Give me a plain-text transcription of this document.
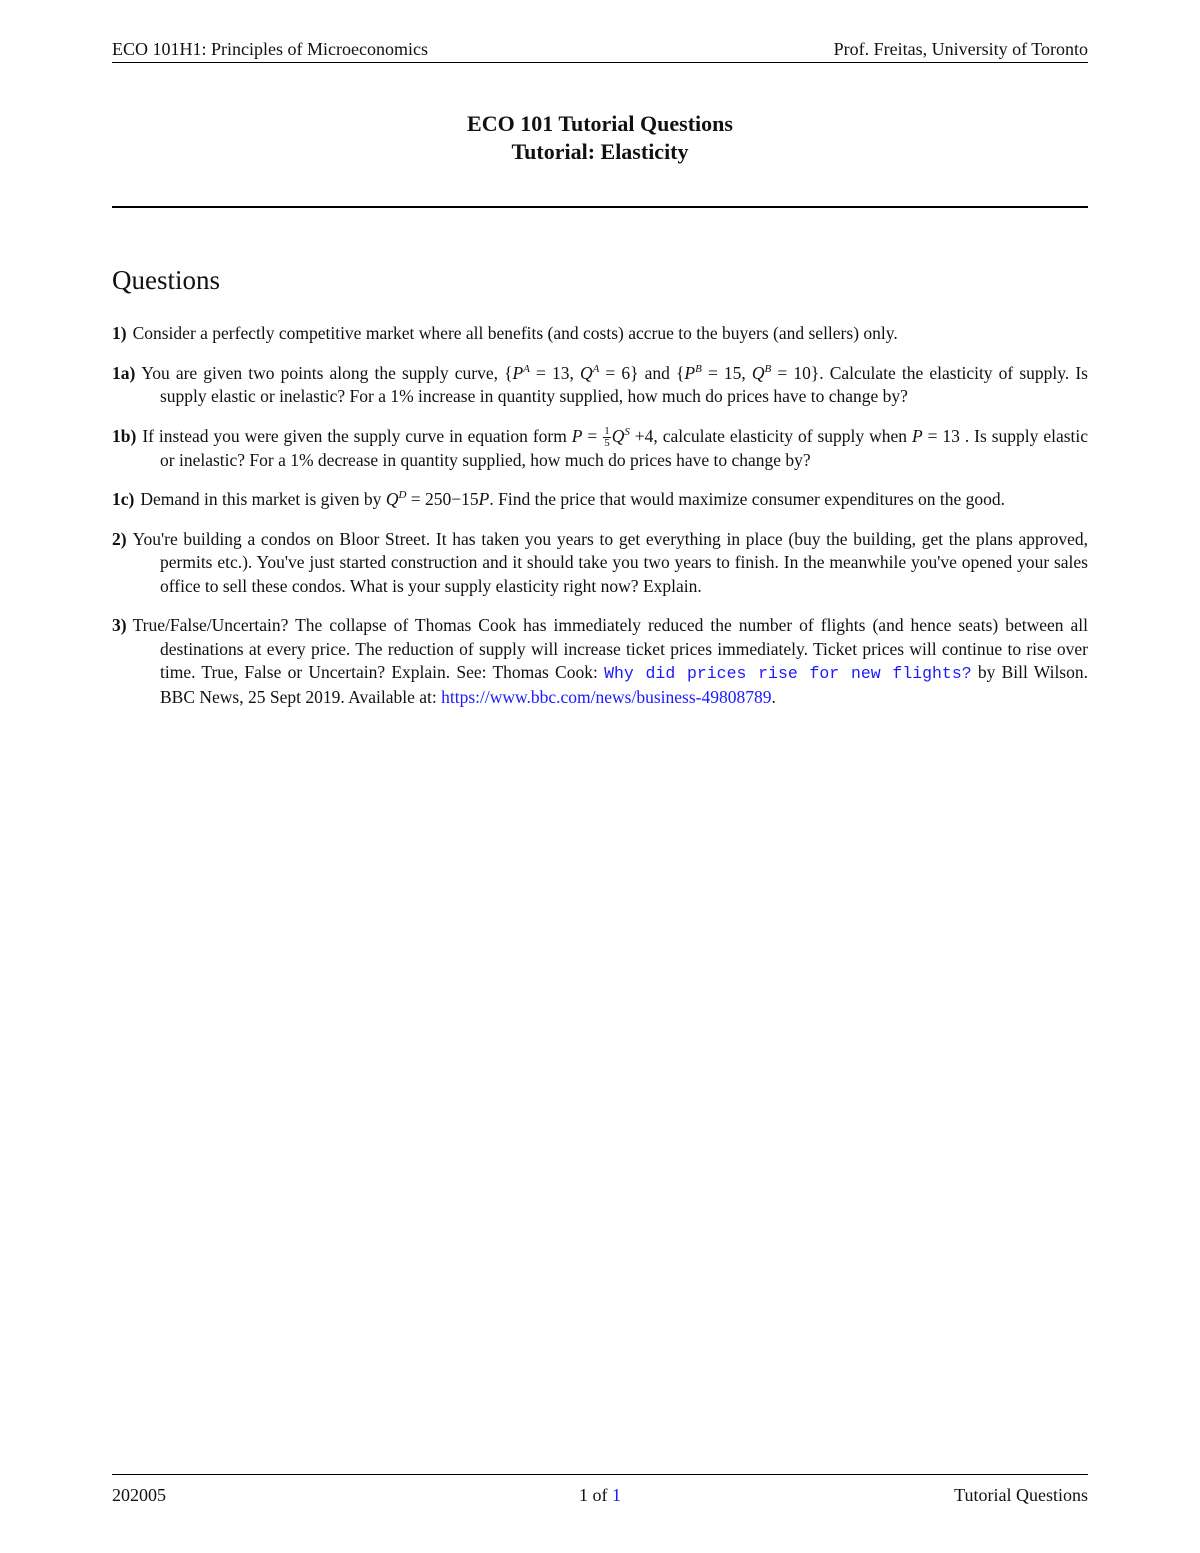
ECO 101H1: Principles of Microeconomics	Prof. Freitas, University of Toronto
ECO 101 Tutorial Questions
Tutorial: Elasticity
Questions

1) Consider a perfectly competitive market where all benefits (and costs) accrue to the buyers (and sellers) only.

1a) You are given two points along the supply curve, {$P^A = 13$, $Q^A = 6$} and {$P^B = 15$, $Q^B = 10$}. Calculate the elasticity of supply. Is supply elastic or inelastic? For a 1% increase in quantity supplied, how much do prices have to change by?

1b) If instead you were given the supply curve in equation form $P = \frac{1}{5} Q^S +4$, calculate elasticity of supply when P = 13 . Is supply elastic or inelastic? For a 1% decrease in quantity supplied, how much do prices have to change by?

1c) Demand in this market is given by $Q^D = 250-15P$. Find the price that would maximize consumer expenditures on the good.

2) You're building a condos on Bloor Street. It has taken you years to get everything in place (buy the building, get the plans approved, permits etc.). You've just started construction and it should take you two years to finish. In the meanwhile you've opened your sales office to sell these condos. What is your supply elasticity right now? Explain.

3) True/False/Uncertain? The collapse of Thomas Cook has immediately reduced the number of flights (and hence seats) between all destinations at every price. The reduction of supply will increase ticket prices immediately. Ticket prices will continue to rise over time. True, False or Uncertain? Explain. See: Thomas Cook: Why did prices rise for new flights? by Bill Wilson. BBC News, 25 Sept 2019. Available at: https://www.bbc.com/news/business-49808789.

202005	1 of 1	Tutorial Questions
